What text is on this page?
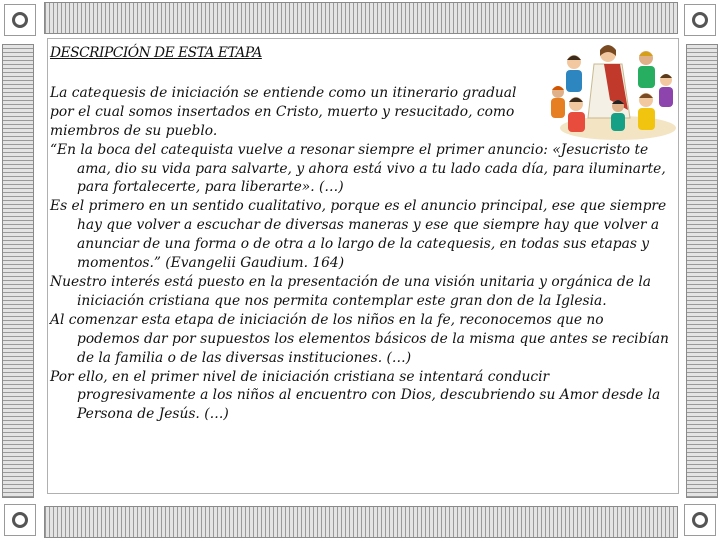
DESCRIPCIÓN DE ESTA ETAPA

La catequesis de iniciación se entiende como un itinerario gradual por el cual somos insertados en Cristo, muerto y resucitado, como miembros de su pueblo.

“En la boca del catequista vuelve a resonar siempre el primer anuncio: «Jesucristo te ama, dio su vida para salvarte, y ahora está vivo a tu lado cada día, para iluminarte, para fortalecerte, para liberarte». (…)

Es el primero en un sentido cualitativo, porque es el anuncio principal, ese que siempre hay que volver a escuchar de diversas maneras y ese que siempre hay que volver a anunciar de una forma o de otra a lo largo de la catequesis, en todas sus etapas y momentos.” (Evangelii Gaudium. 164)

Nuestro interés está puesto en la presentación de una visión unitaria y orgánica de la iniciación cristiana que nos permita contemplar este gran don de la Iglesia.

Al comenzar esta etapa de iniciación de los niños en la fe, reconocemos que no podemos dar por supuestos los elementos básicos de la misma que antes se recibían de la familia o de las diversas instituciones. (…)

Por ello, en el primer nivel de iniciación cristiana se intentará conducir progresivamente a los niños al encuentro con Dios, descubriendo su Amor desde la Persona de Jesús. (…)
